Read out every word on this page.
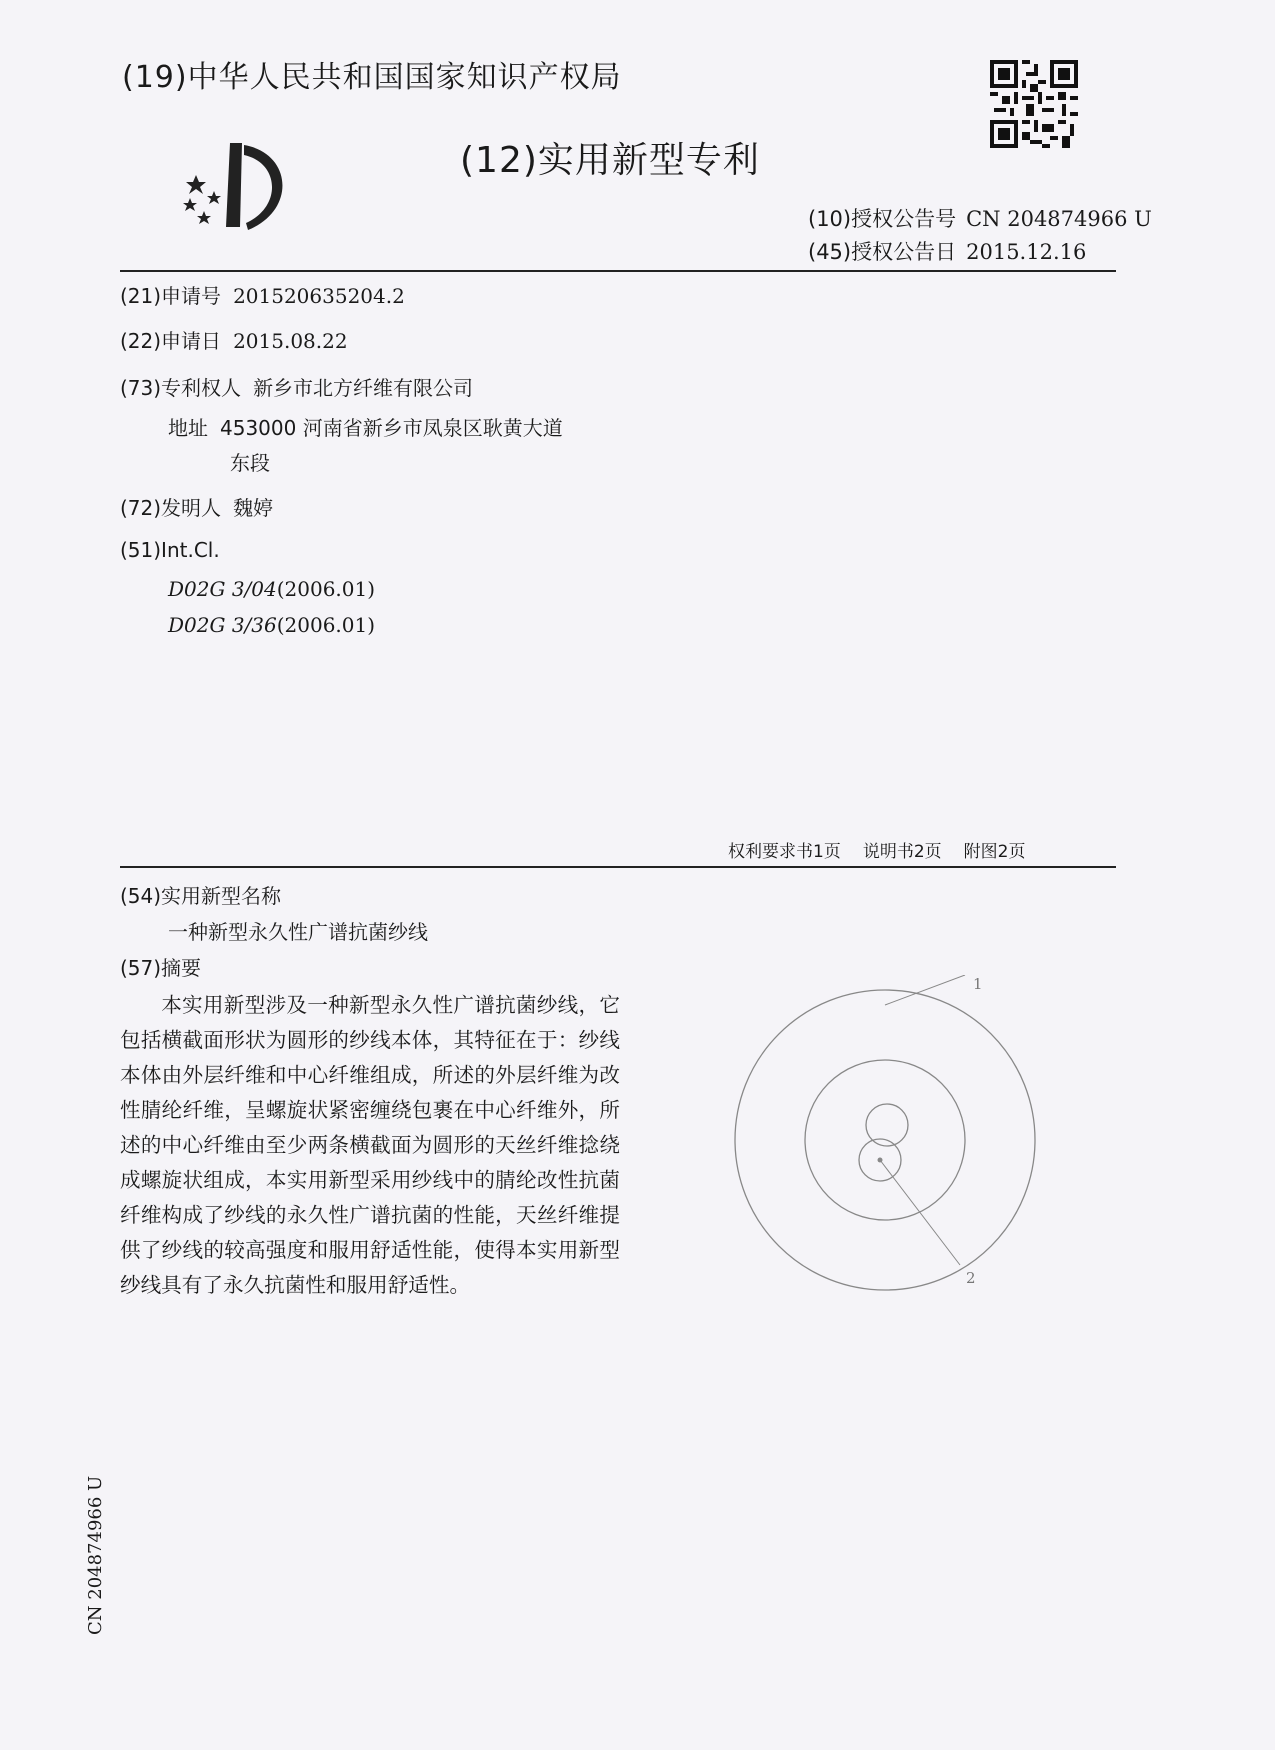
(19)中华人民共和国国家知识产权局
(12)实用新型专利
(10)授权公告号 CN 204874966 U
(45)授权公告日 2015.12.16
(21)申请号 201520635204.2
(22)申请日 2015.08.22
(73)专利权人 新乡市北方纤维有限公司
地址 453000 河南省新乡市凤泉区耿黄大道
东段
(72)发明人 魏婷
(51)Int.Cl.
D02G 3/04(2006.01)
D02G 3/36(2006.01)
权利要求书1页 说明书2页 附图2页
(54)实用新型名称
一种新型永久性广谱抗菌纱线
(57)摘要
本实用新型涉及一种新型永久性广谱抗菌纱线，它包括横截面形状为圆形的纱线本体，其特征在于：纱线本体由外层纤维和中心纤维组成，所述的外层纤维为改性腈纶纤维，呈螺旋状紧密缠绕包裹在中心纤维外，所述的中心纤维由至少两条横截面为圆形的天丝纤维捻绕成螺旋状组成，本实用新型采用纱线中的腈纶改性抗菌纤维构成了纱线的永久性广谱抗菌的性能，天丝纤维提供了纱线的较高强度和服用舒适性能，使得本实用新型纱线具有了永久抗菌性和服用舒适性。
1
2
CN 204874966 U
